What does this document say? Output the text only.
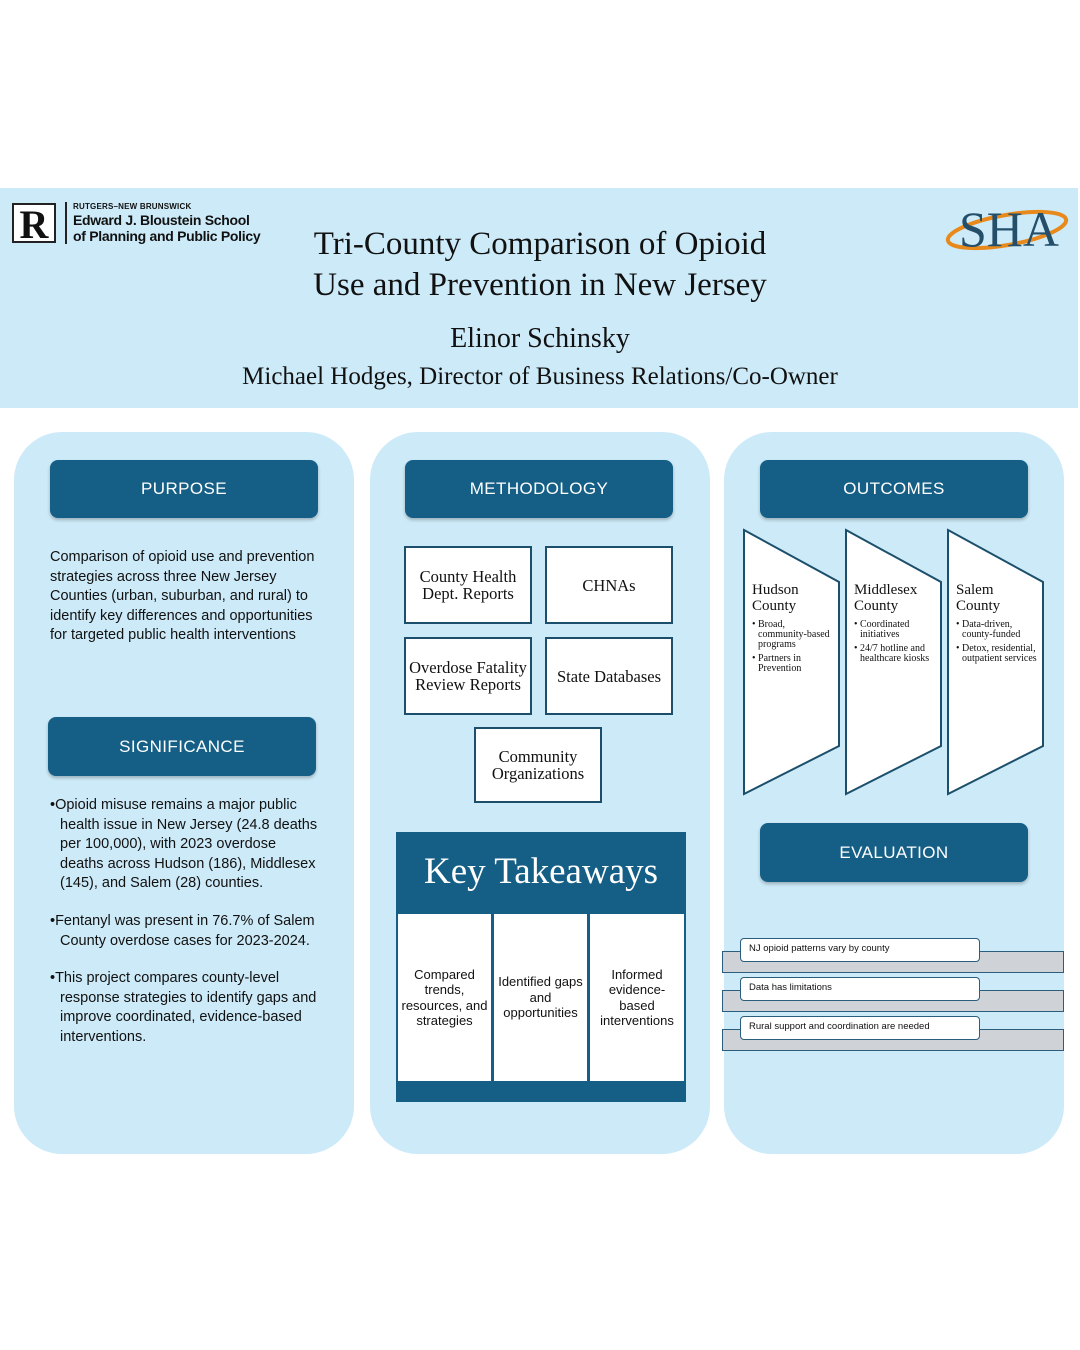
R	RUTGERS–NEW BRUNSWICK
Edward J. Bloustein School
of Planning and Public Policy	Tri-County Comparison of Opioid
Use and Prevention in New Jersey
Elinor Schinsky
Michael Hodges, Director of Business Relations/Co-Owner
SHA
PURPOSE
Comparison of opioid use and prevention strategies across three New Jersey Counties (urban, suburban, and rural) to identify key differences and opportunities for targeted public health interventions
SIGNIFICANCE
•Opioid misuse remains a major public health issue in New Jersey (24.8 deaths per 100,000), with 2023 overdose deaths across Hudson (186), Middlesex (145), and Salem (28) counties.
•Fentanyl was present in 76.7% of Salem County overdose cases for 2023-2024.
•This project compares county-level response strategies to identify gaps and improve coordinated, evidence-based interventions.
METHODOLOGY
County Health Dept. Reports	CHNAs
Overdose Fatality Review Reports	State Databases
Community Organizations
Key Takeaways
Compared trends, resources, and strategies
Identified gaps and opportunities
Informed evidence-based interventions
OUTCOMES
Hudson County
• Broad, community-based programs
• Partners in Prevention
Middlesex County
• Coordinated initiatives
• 24/7 hotline and healthcare kiosks
Salem County
• Data-driven, county-funded
• Detox, residential, outpatient services
EVALUATION
NJ opioid patterns vary by county
Data has limitations
Rural support and coordination are needed
